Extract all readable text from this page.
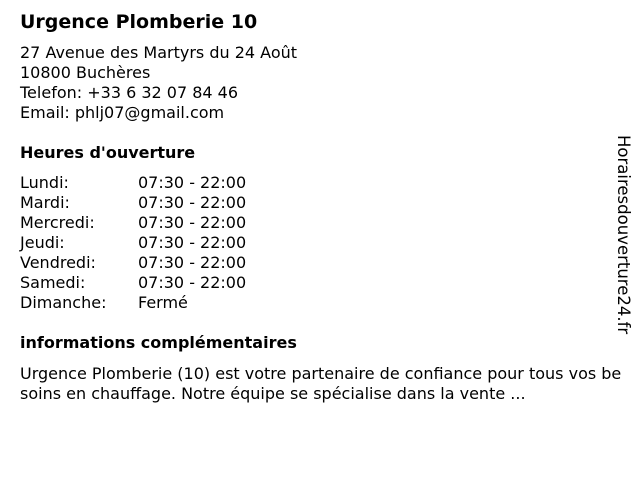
Urgence Plomberie 10
27 Avenue des Martyrs du 24 Août
10800 Buchères
Telefon: +33 6 32 07 84 46
Email: phlj07@gmail.com
Heures d'ouverture
Lundi:	07:30 - 22:00
Mardi:	07:30 - 22:00
Mercredi:	07:30 - 22:00
Jeudi:	07:30 - 22:00
Vendredi:	07:30 - 22:00
Samedi:	07:30 - 22:00
Dimanche: Fermé
informations complémentaires
Urgence Plomberie (10) est votre partenaire de confiance pour tous vos besoins en chauffage. Notre équipe se spécialise dans la vente ...
Horairesdouverture24.fr
